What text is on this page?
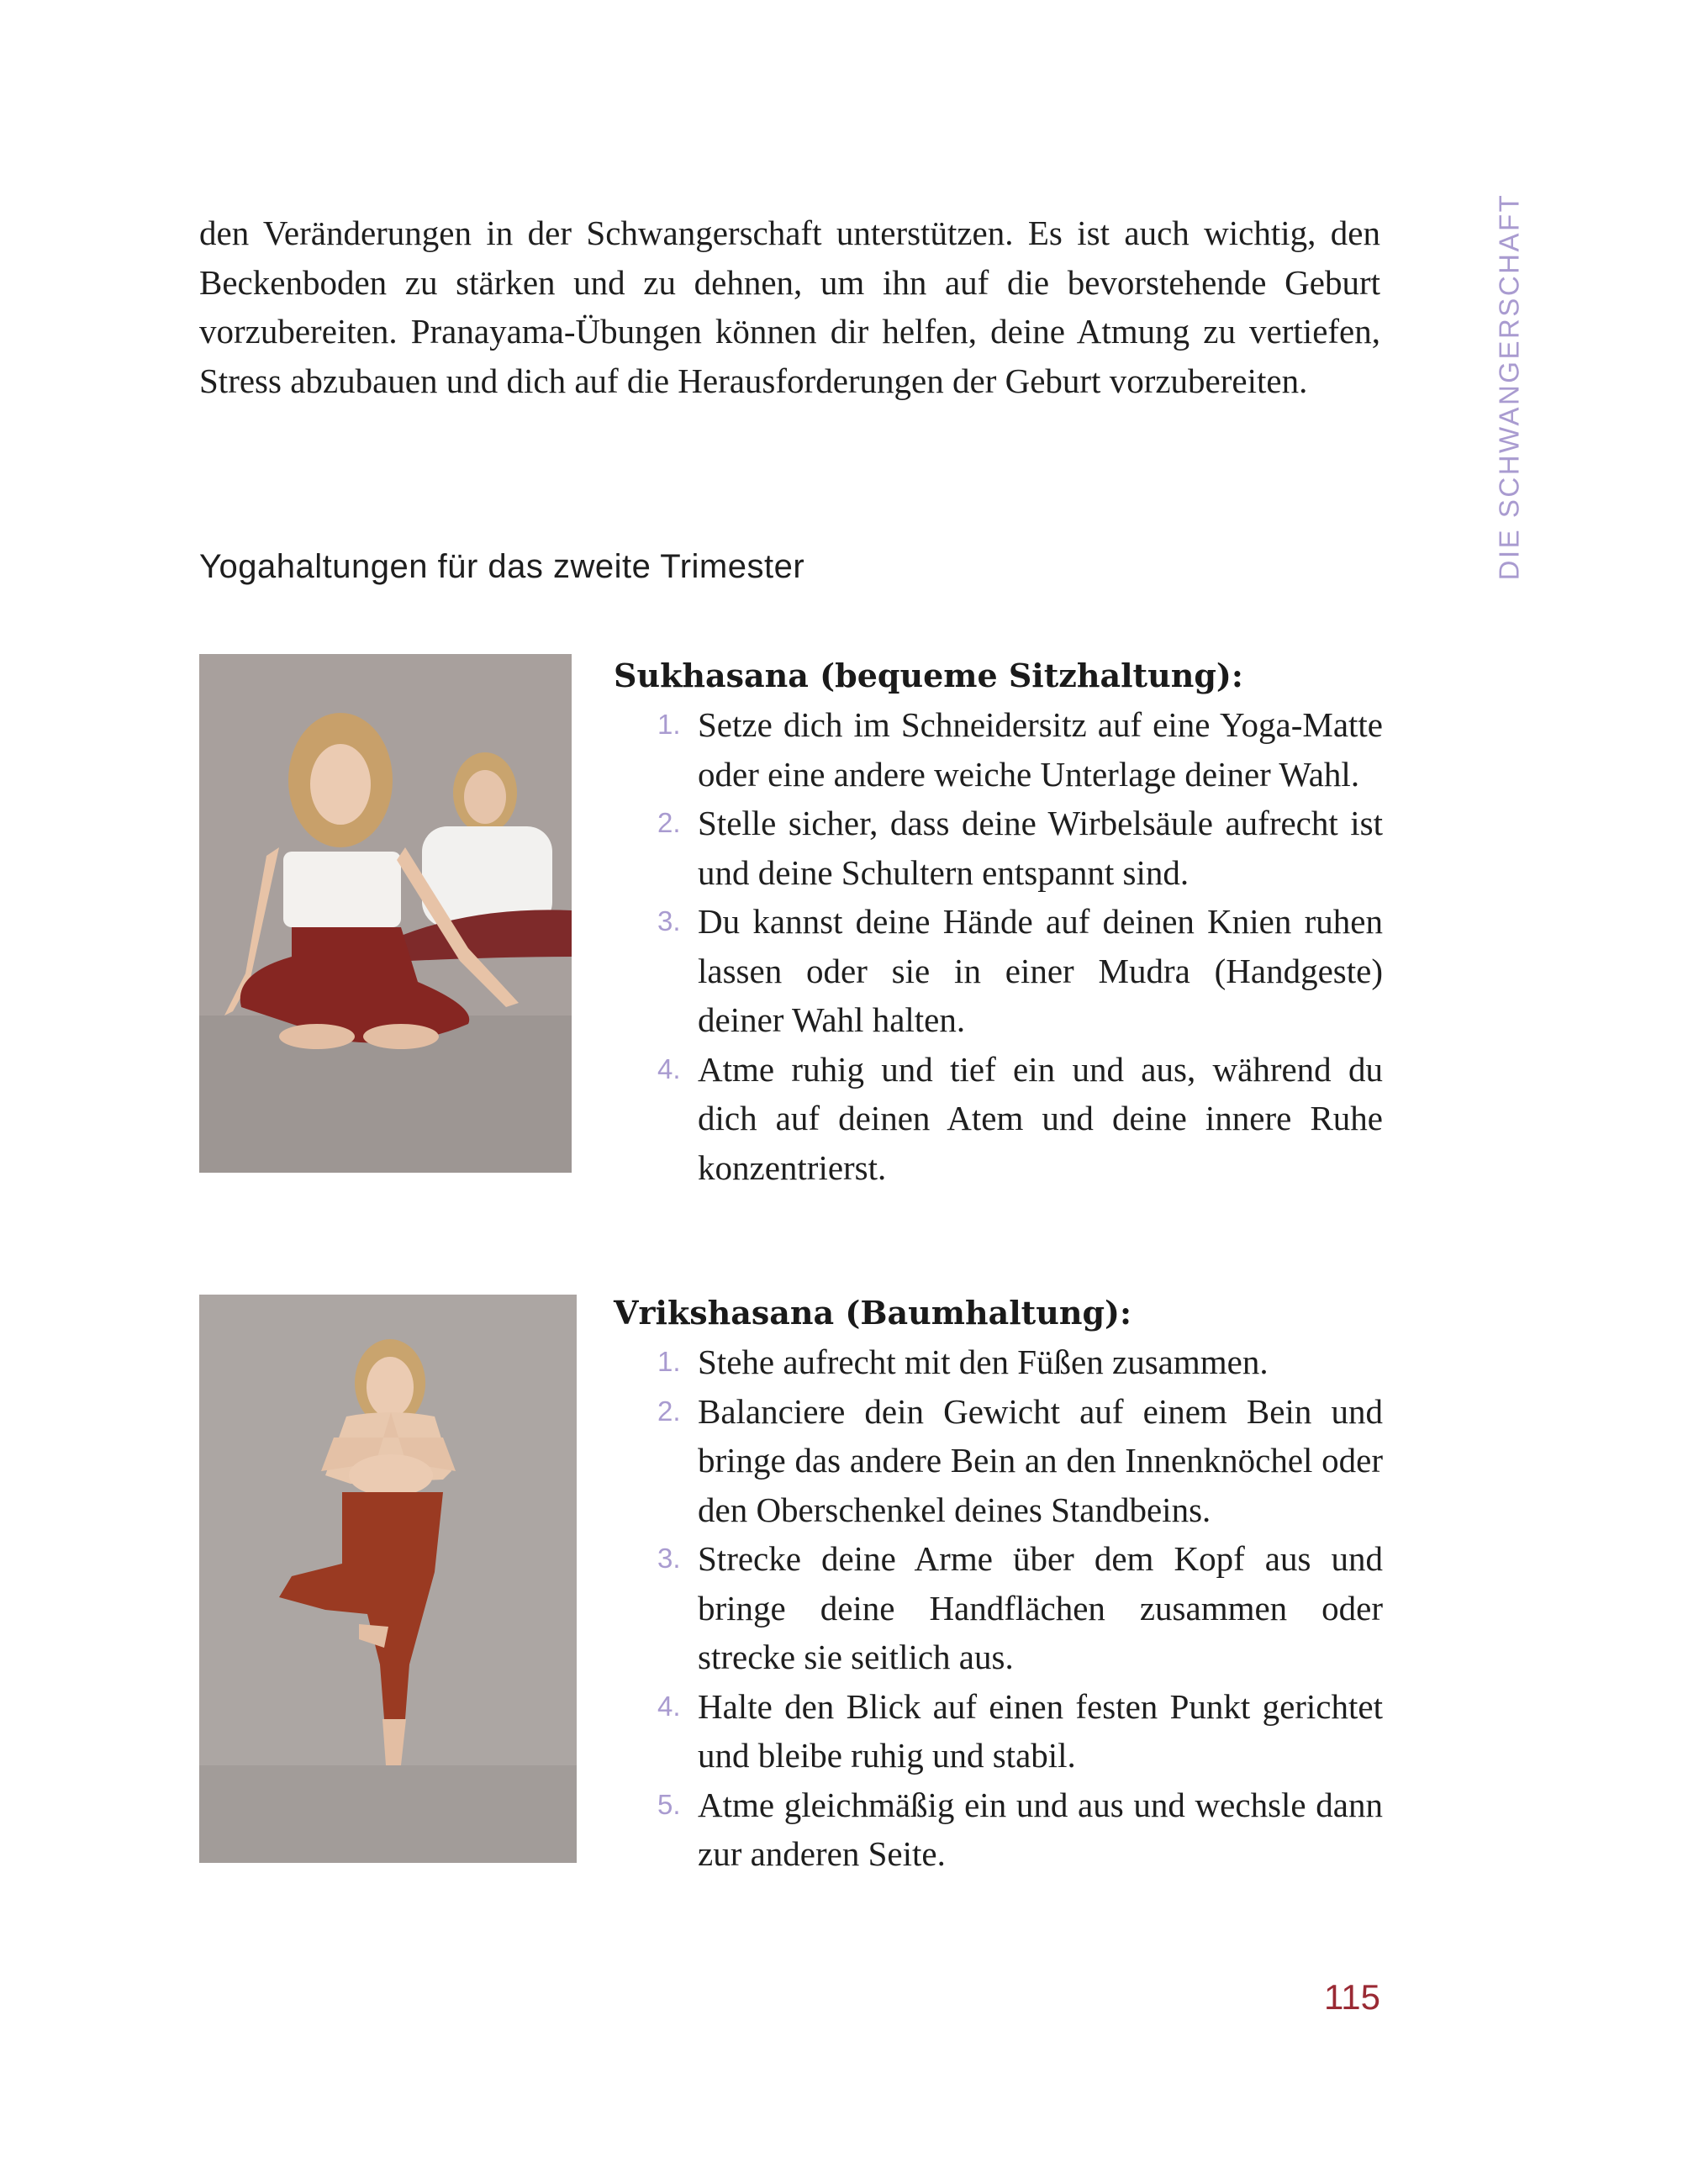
DIE SCHWANGERSCHAFT

den Veränderungen in der Schwangerschaft unterstützen. Es ist auch wichtig, den Beckenboden zu stärken und zu dehnen, um ihn auf die bevorstehende Geburt vorzubereiten. Pranayama-Übungen können dir helfen, deine Atmung zu vertiefen, Stress abzubauen und dich auf die Herausforderungen der Geburt vorzubereiten.

Yogahaltungen für das zweite Trimester
Sukhasana (bequeme Sitzhaltung):
1. Setze dich im Schneidersitz auf eine Yoga-Matte oder eine andere weiche Unterlage deiner Wahl.
2. Stelle sicher, dass deine Wirbelsäule aufrecht ist und deine Schultern entspannt sind.
3. Du kannst deine Hände auf deinen Knien ruhen lassen oder sie in einer Mudra (Handgeste) deiner Wahl halten.
4. Atme ruhig und tief ein und aus, während du dich auf deinen Atem und deine innere Ruhe konzentrierst.
Vrikshasana (Baumhaltung):
1. Stehe aufrecht mit den Füßen zusammen.
2. Balanciere dein Gewicht auf einem Bein und bringe das andere Bein an den Innenknöchel oder den Oberschenkel deines Standbeins.
3. Strecke deine Arme über dem Kopf aus und bringe deine Handflächen zusammen oder strecke sie seitlich aus.
4. Halte den Blick auf einen festen Punkt gerichtet und bleibe ruhig und stabil.
5. Atme gleichmäßig ein und aus und wechsle dann zur anderen Seite.
115
